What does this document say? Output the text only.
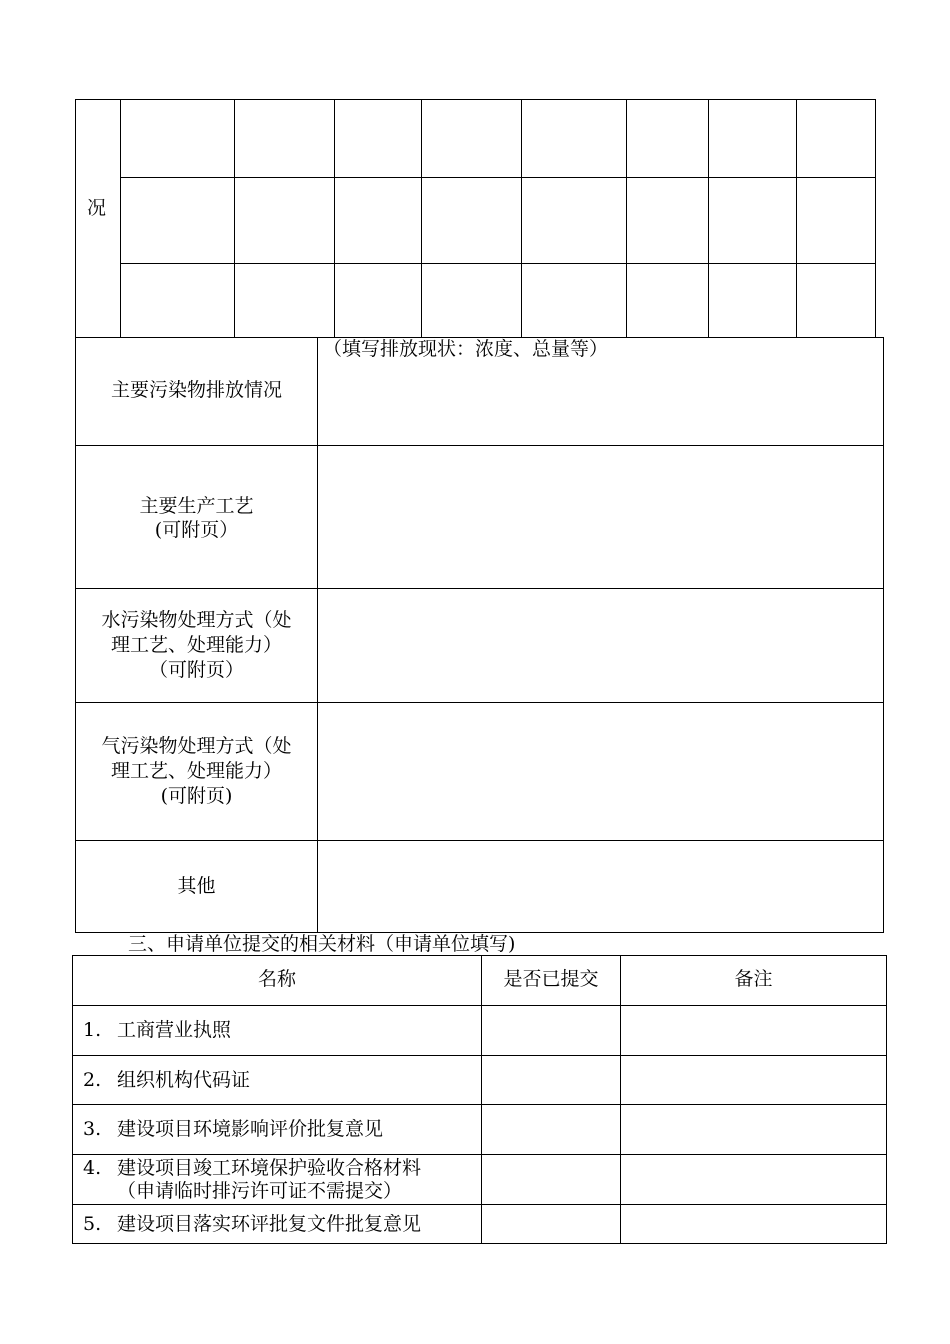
况
主要污染物排放情况
（填写排放现状：浓度、总量等）
主要生产工艺
(可附页）
水污染物处理方式（处
理工艺、处理能力）
（可附页）
气污染物处理方式（处
理工艺、处理能力）
(可附页)
其他
三、申请单位提交的相关材料（申请单位填写)
名称	是否已提交	备注
1. 工商营业执照
2. 组织机构代码证
3. 建设项目环境影响评价批复意见
4. 建设项目竣工环境保护验收合格材料
（申请临时排污许可证不需提交）
5. 建设项目落实环评批复文件批复意见
